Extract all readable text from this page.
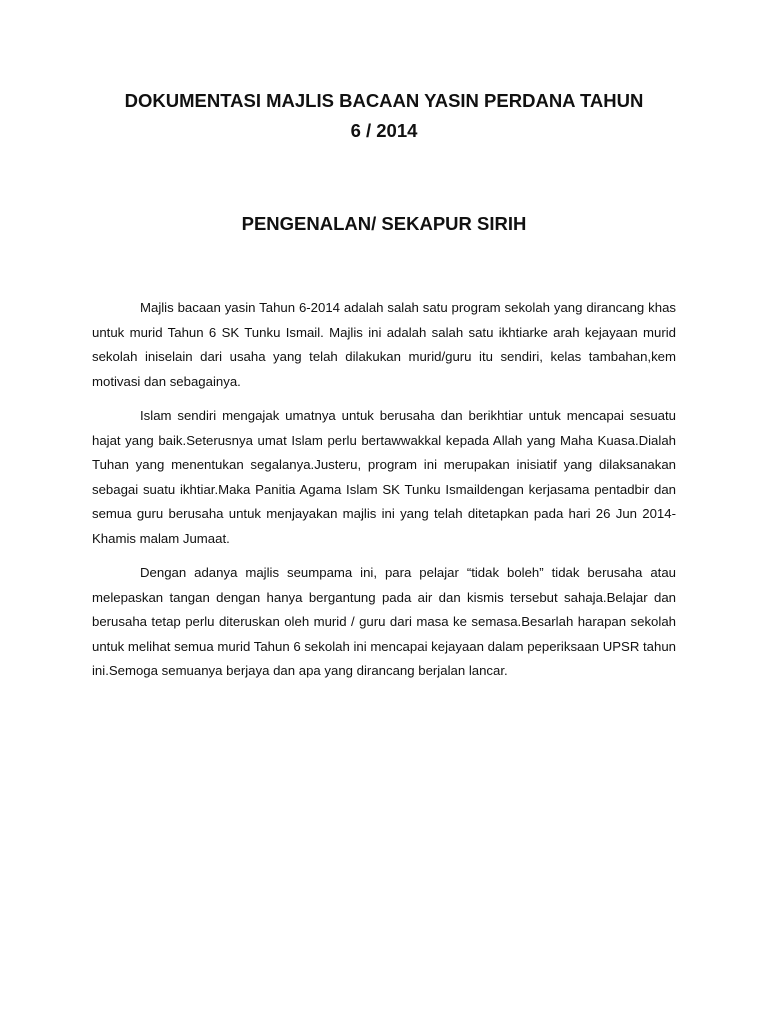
DOKUMENTASI MAJLIS BACAAN YASIN PERDANA TAHUN
6 / 2014
PENGENALAN/ SEKAPUR SIRIH

Majlis bacaan yasin Tahun 6-2014 adalah salah satu program sekolah yang dirancang khas untuk murid Tahun 6 SK Tunku Ismail. Majlis ini adalah salah satu ikhtiarke arah kejayaan murid sekolah iniselain dari usaha yang telah dilakukan murid/guru itu sendiri, kelas tambahan,kem motivasi dan sebagainya.

Islam sendiri mengajak umatnya untuk berusaha dan berikhtiar untuk mencapai sesuatu hajat yang baik.Seterusnya umat Islam perlu bertawwakkal kepada Allah yang Maha Kuasa.Dialah Tuhan yang menentukan segalanya.Justeru, program ini merupakan inisiatif yang dilaksanakan sebagai suatu ikhtiar.Maka Panitia Agama Islam SK Tunku Ismaildengan kerjasama pentadbir dan semua guru berusaha untuk menjayakan majlis ini yang telah ditetapkan pada hari 26 Jun 2014- Khamis malam Jumaat.

Dengan adanya majlis seumpama ini, para pelajar “tidak boleh” tidak berusaha atau melepaskan tangan dengan hanya bergantung pada air dan kismis tersebut sahaja.Belajar dan berusaha tetap perlu diteruskan oleh murid / guru dari masa ke semasa.Besarlah harapan sekolah untuk melihat semua murid Tahun 6 sekolah ini mencapai kejayaan dalam peperiksaan UPSR tahun ini.Semoga semuanya berjaya dan apa yang dirancang berjalan lancar.
